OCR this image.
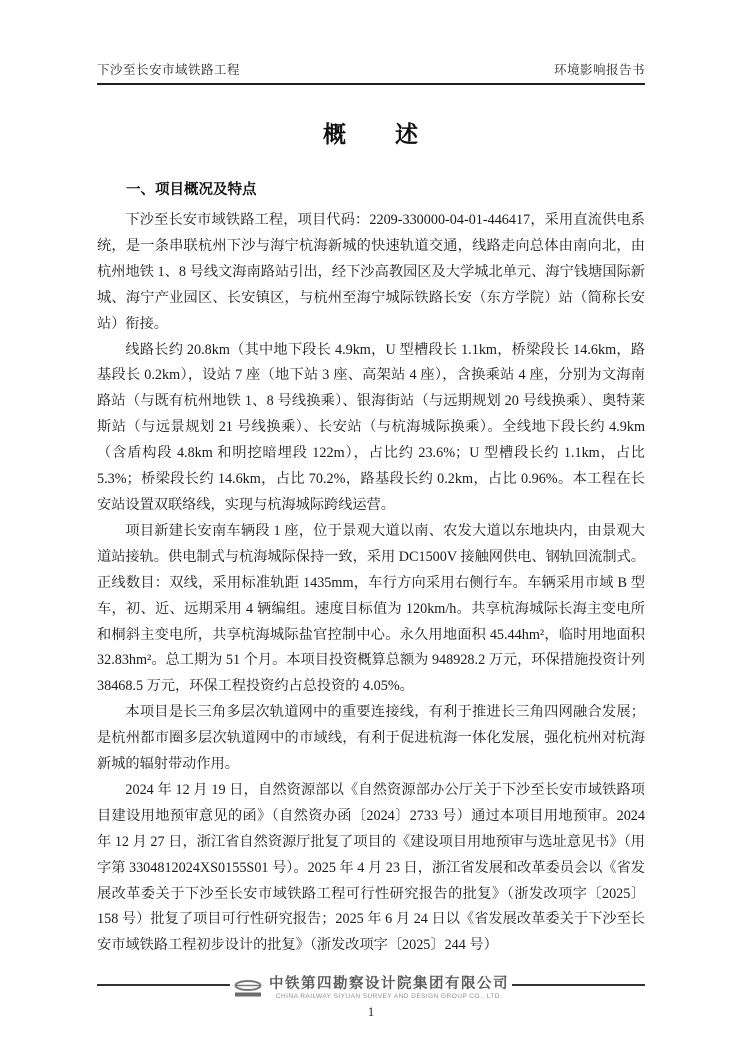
下沙至长安市域铁路工程	环境影响报告书
概　　述
一、项目概况及特点

下沙至长安市域铁路工程，项目代码：2209-330000-04-01-446417，采用直流供电系统，是一条串联杭州下沙与海宁杭海新城的快速轨道交通，线路走向总体由南向北，由杭州地铁 1、8 号线文海南路站引出，经下沙高教园区及大学城北单元、海宁钱塘国际新城、海宁产业园区、长安镇区，与杭州至海宁城际铁路长安（东方学院）站（简称长安站）衔接。

线路长约 20.8km（其中地下段长 4.9km，U 型槽段长 1.1km，桥梁段长 14.6km，路基段长 0.2km），设站 7 座（地下站 3 座、高架站 4 座），含换乘站 4 座，分别为文海南路站（与既有杭州地铁 1、8 号线换乘）、银海街站（与远期规划 20 号线换乘）、奥特莱斯站（与远景规划 21 号线换乘）、长安站（与杭海城际换乘）。全线地下段长约 4.9km（含盾构段 4.8km 和明挖暗埋段 122m），占比约 23.6%；U 型槽段长约 1.1km，占比 5.3%；桥梁段长约 14.6km，占比 70.2%，路基段长约 0.2km，占比 0.96%。本工程在长安站设置双联络线，实现与杭海城际跨线运营。

项目新建长安南车辆段 1 座，位于景观大道以南、农发大道以东地块内，由景观大道站接轨。供电制式与杭海城际保持一致，采用 DC1500V 接触网供电、钢轨回流制式。正线数目：双线，采用标准轨距 1435mm，车行方向采用右侧行车。车辆采用市域 B 型车，初、近、远期采用 4 辆编组。速度目标值为 120km/h。共享杭海城际长海主变电所和桐斜主变电所，共享杭海城际盐官控制中心。永久用地面积 45.44hm²，临时用地面积 32.83hm²。总工期为 51 个月。本项目投资概算总额为 948928.2 万元，环保措施投资计列 38468.5 万元，环保工程投资约占总投资的 4.05%。

本项目是长三角多层次轨道网中的重要连接线，有利于推进长三角四网融合发展；是杭州都市圈多层次轨道网中的市域线，有利于促进杭海一体化发展，强化杭州对杭海新城的辐射带动作用。

2024 年 12 月 19 日，自然资源部以《自然资源部办公厅关于下沙至长安市域铁路项目建设用地预审意见的函》（自然资办函〔2024〕2733 号）通过本项目用地预审。2024 年 12 月 27 日，浙江省自然资源厅批复了项目的《建设项目用地预审与选址意见书》（用字第 3304812024XS0155S01 号）。2025 年 4 月 23 日，浙江省发展和改革委员会以《省发展改革委关于下沙至长安市域铁路工程可行性研究报告的批复》（浙发改项字〔2025〕158 号）批复了项目可行性研究报告；2025 年 6 月 24 日以《省发展改革委关于下沙至长安市域铁路工程初步设计的批复》（浙发改项字〔2025〕244 号）

中铁第四勘察设计院集团有限公司
CHINA RAILWAY SIYUAN SURVEY AND DESIGN GROUP CO., LTD.
1
